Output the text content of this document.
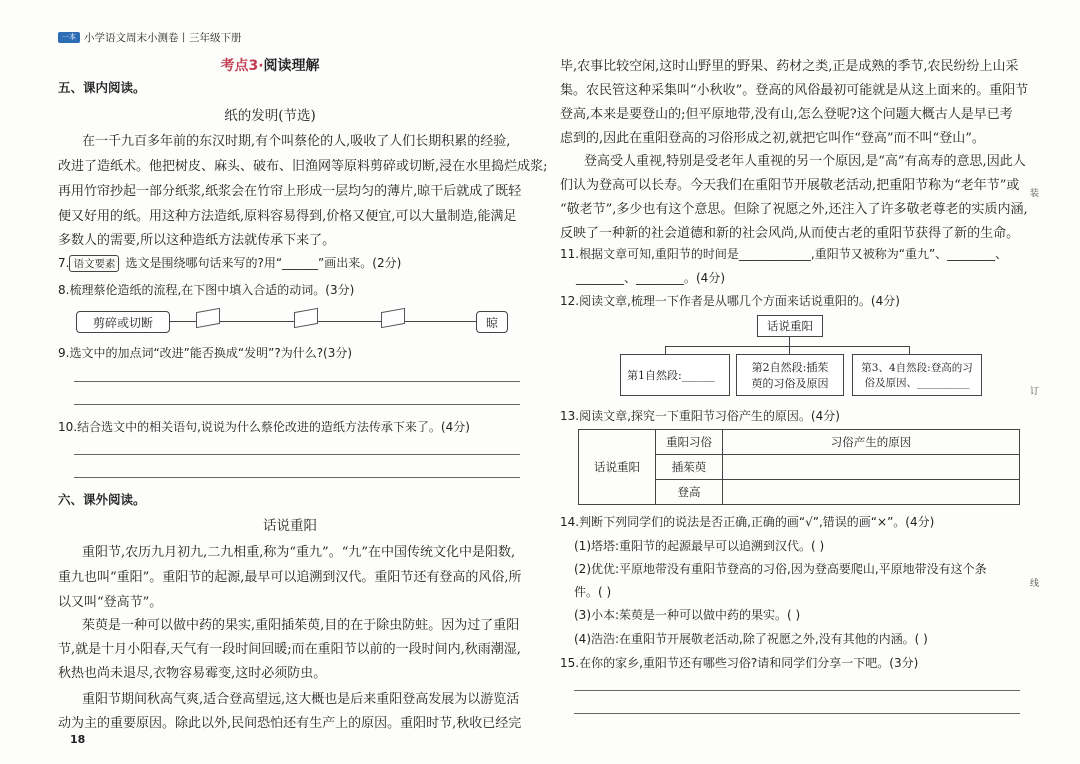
一本 小学语文周末小测卷丨三年级下册
考点3·阅读理解
五、课内阅读。
纸的发明(节选)
在一千九百多年前的东汉时期,有个叫蔡伦的人,吸收了人们长期积累的经验,
改进了造纸术。他把树皮、麻头、破布、旧渔网等原料剪碎或切断,浸在水里捣烂成浆;
再用竹帘抄起一部分纸浆,纸浆会在竹帘上形成一层均匀的薄片,晾干后就成了既轻
便又好用的纸。用这种方法造纸,原料容易得到,价格又便宜,可以大量制造,能满足
多数人的需要,所以这种造纸方法就传承下来了。
7. 语文要素 选文是围绕哪句话来写的?用“______”画出来。(2分)
8.梳理蔡伦造纸的流程,在下图中填入合适的动词。(3分)
剪碎或切断	晾
9.选文中的加点词“改进”能否换成“发明”?为什么?(3分)
10.结合选文中的相关语句,说说为什么蔡伦改进的造纸方法传承下来了。(4分)
六、课外阅读。
话说重阳
重阳节,农历九月初九,二九相重,称为“重九”。“九”在中国传统文化中是阳数,
重九也叫“重阳”。重阳节的起源,最早可以追溯到汉代。重阳节还有登高的风俗,所
以又叫“登高节”。
茱萸是一种可以做中药的果实,重阳插茱萸,目的在于除虫防蛀。因为过了重阳
节,就是十月小阳春,天气有一段时间回暖;而在重阳节以前的一段时间内,秋雨潮湿,
秋热也尚未退尽,衣物容易霉变,这时必须防虫。
重阳节期间秋高气爽,适合登高望远,这大概也是后来重阳登高发展为以游览活
动为主的重要原因。除此以外,民间恐怕还有生产上的原因。重阳时节,秋收已经完
18
毕,农事比较空闲,这时山野里的野果、药材之类,正是成熟的季节,农民纷纷上山采
集。农民管这种采集叫“小秋收”。登高的风俗最初可能就是从这上面来的。重阳节
登高,本来是要登山的;但平原地带,没有山,怎么登呢?这个问题大概古人是早已考
虑到的,因此在重阳登高的习俗形成之初,就把它叫作“登高”而不叫“登山”。
登高受人重视,特别是受老年人重视的另一个原因,是“高”有高寿的意思,因此人
们认为登高可以长寿。今天我们在重阳节开展敬老活动,把重阳节称为“老年节”或
“敬老节”,多少也有这个意思。但除了祝愿之外,还注入了许多敬老尊老的实质内涵,
反映了一种新的社会道德和新的社会风尚,从而使古老的重阳节获得了新的生命。
11.根据文章可知,重阳节的时间是____________,重阳节又被称为“重九”、________、
________、________。(4分)
12.阅读文章,梳理一下作者是从哪几个方面来话说重阳的。(4分)
话说重阳
第1自然段:______
第2自然段:插茱
萸的习俗及原因
第3、4自然段:登高的习
俗及原因、__________
13.阅读文章,探究一下重阳节习俗产生的原因。(4分)
14.判断下列同学们的说法是否正确,正确的画“√”,错误的画“×”。(4分)
(1)塔塔:重阳节的起源最早可以追溯到汉代。( )
(2)优优:平原地带没有重阳节登高的习俗,因为登高要爬山,平原地带没有这个条
件。( )
(3)小本:茱萸是一种可以做中药的果实。( )
(4)浩浩:在重阳节开展敬老活动,除了祝愿之外,没有其他的内涵。( )
15.在你的家乡,重阳节还有哪些习俗?请和同学们分享一下吧。(3分)
话说重阳	重阳习俗	习俗产生的原因
	插茱萸	
	登高	
装
订
线
